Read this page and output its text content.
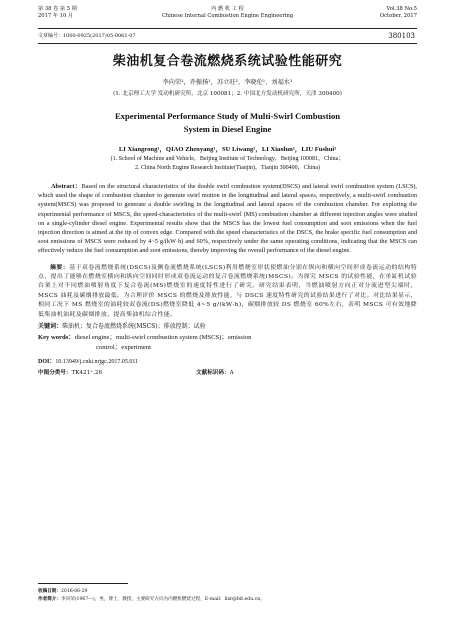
第 38 卷 第 5 期
2017 年 10 月
内 燃 机 工 程
Chinese Internal Combustion Engine Engineering
Vol.38 No.5
October. 2017
文章编号：1000-0925(2017)05-0061-07	380103
柴油机复合卷流燃烧系统试验性能研究
李向荣¹，乔振扬¹，苏立旺²，李晓伦¹，刘福水¹
(1. 北京理工大学 发动机研究所，北京 100081；2. 中国北方发动机研究所，天津 300400)
Experimental Performance Study of Multi-Swirl Combustion
System in Diesel Engine
LI Xiangrong¹，QIAO Zhenyang¹，SU Liwang²，LI Xiaolun¹，LIU Fushui¹
(1. School of Machine and Vehicle，Beijing Institute of Technology，Beijing 100081，China；
2. China North Engine Research Institute(Tianjin)，Tianjin 300400，China)
Abstract：Based on the structural characteristics of the double swirl combustion system(DSCS) and lateral swirl combustion system (LSCS), which used the shape of combustion chamber to generate swirl motion in the longitudinal and lateral spaces, respectively, a multi-swirl combustion system(MSCS) was proposed to generate a double swirling in the longitudinal and lateral spaces of the combustion chamber. For exploring the experimental performance of MSCS, the speed-characteristics of the multi-swirl (MS) combustion chamber at different injection angles were studied on a single-cylinder diesel engine. Experimental results show that the MSCS has the lowest fuel consumption and soot emissions when the fuel injection direction is aimed at the tip of convex edge. Compared with the speed characteristics of the DSCS, the brake specific fuel consumption and soot emissions of MSCS were reduced by 4~5 g/(kW·h) and 60%, respectively under the same operating conditions, indicating that the MSCS can effectively reduce the fuel consumption and soot emissions, thereby improving the overall performance of the diesel engine.
摘要：基于双卷流燃烧系统(DSCS)及侧卷流燃烧系统(LSCS)利用燃烧室形状使燃油分别在纵向和横向空间形成卷流运动的结构特点，提出了能够在燃烧室横向和纵向空间同时形成双卷流运动的复合卷流燃烧系统(MSCS)。为探究 MSCS 的试验性能，在单缸机试验台架上对不同燃油喷射角度下复合卷流(MS)燃烧室的速度特性进行了研究。研究结果表明，当燃油喷射方向正对分流进型尖端时，MSCS 油耗及碳烟排放最低。为合理评价 MSCS 的燃烧及排放性能，与 DSCS 速度特性研究的试验结果进行了对比。对比结果显示，相同工况下 MS 燃烧室的油耗较双卷流(DS)燃烧室降低 4~5 g/(kW·h)，碳烟排放较 DS 燃烧室 60%左右，表明 MSCS 可有效地降低柴油机油耗及碳烟排放，提高柴油机综合性能。
关键词：柴油机；复合卷流燃烧系统(MSCS)；排放控制；试验
Key words：diesel engine；multi-swirl combustion system (MSCS)；emission
control；experiment
DOI：10.13949/j.cnki.nrjgc.2017.05.011
中图分类号：TK421⁺.26	文献标识码：A
收稿日期：2016-06-29
作者简介：李向荣(1967—)，男，博士，教授，主要研究方向为内燃机燃烧过程，E-mail：lixr@bit.edu.cn。
